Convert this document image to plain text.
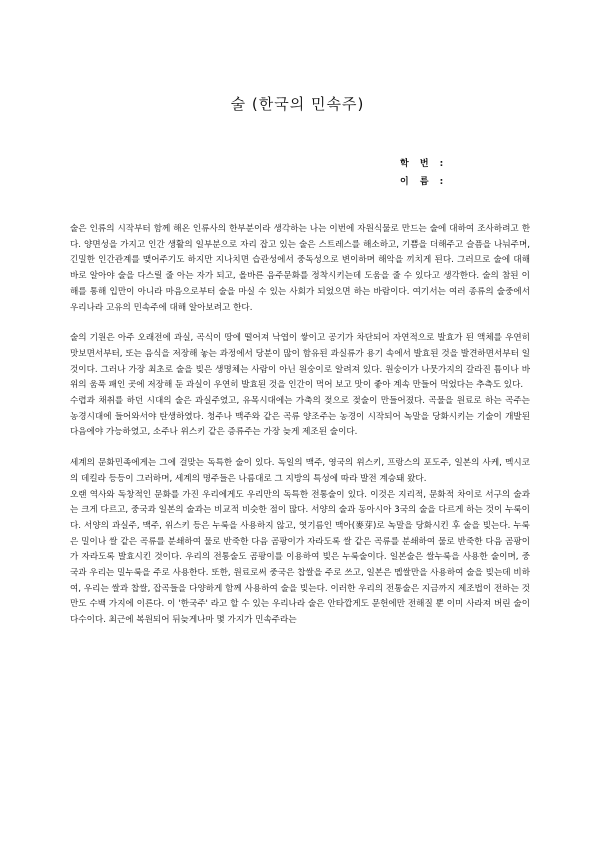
술 (한국의 민속주)
학 번 :
이 름 :

술은 인류의 시작부터 함께 해온 인류사의 한부분이라 생각하는 나는 이번에 자원식물로 만드는 술에 대하여 조사하려고 한다. 양면성을 가지고 인간 생활의 일부분으로 자리 잡고 있는 술은 스트레스를 해소하고, 기쁨을 더해주고 슬픔을 나눠주며, 긴밀한 인간관계를 맺어주기도 하지만 지나치면 습관성에서 중독성으로 변이하며 해악을 끼치게 된다. 그러므로 술에 대해 바로 알아야 술을 다스릴 줄 아는 자가 되고, 올바른 음주문화를 정착시키는데 도움을 줄 수 있다고 생각한다. 술의 참된 이해를 통해 입만이 아니라 마음으로부터 술을 마실 수 있는 사회가 되었으면 하는 바람이다. 여기서는 여러 종류의 술중에서 우리나라 고유의 민속주에 대해 알아보려고 한다.

술의 기원은 아주 오래전에 과실, 곡식이 땅에 떨어져 낙엽이 쌓이고 공기가 차단되어 자연적으로 발효가 된 액체를 우연히 맛보면서부터, 또는 음식을 저장해 놓는 과정에서 당분이 많이 함유된 과실류가 용기 속에서 발효된 것을 발견하면서부터 일 것이다. 그러나 가장 최초로 술을 빚은 생명체는 사람이 아닌 원숭이로 알려져 있다. 원숭이가 나뭇가지의 갈라진 틈이나 바위의 움푹 패인 곳에 저장해 둔 과실이 우연히 발효된 것을 인간이 먹어 보고 맛이 좋아 계속 만들어 먹었다는 추측도 있다.

수렵과 채취를 하던 시대의 술은 과실주였고, 유목시대에는 가축의 젖으로 젖술이 만들어졌다. 곡물을 원료로 하는 곡주는 농경시대에 들어와서야 탄생하였다. 청주나 맥주와 같은 곡류 양조주는 농경이 시작되어 녹말을 당화시키는 기술이 개발된 다음에야 가능하였고, 소주나 위스키 같은 증류주는 가장 늦게 제조된 술이다.

세계의 문화민족에게는 그에 걸맞는 독특한 술이 있다. 독일의 맥주, 영국의 위스키, 프랑스의 포도주, 일본의 사케, 멕시코의 데킬라 등등이 그러하며, 세계의 명주들은 나름대로 그 지방의 특성에 따라 발전 계승돼 왔다.

오랜 역사와 독창적인 문화를 가진 우리에게도 우리만의 독특한 전통술이 있다. 이것은 지리적, 문화적 차이로 서구의 술과는 크게 다르고, 중국과 일본의 술과는 비교적 비슷한 점이 많다. 서양의 술과 동아시아 3국의 술을 다르게 하는 것이 누룩이다. 서양의 과실주, 맥주, 위스키 등은 누룩을 사용하지 않고, 엿기름인 맥아(麥芽)로 녹말을 당화시킨 후 술을 빚는다. 누룩은 밀이나 쌀 같은 곡류를 분쇄하여 물로 반죽한 다음 곰팡이가 자라도록 쌀 같은 곡류를 분쇄하여 물로 반죽한 다음 곰팡이가 자라도록 발효시킨 것이다. 우리의 전통술도 곰팡이를 이용하여 빚은 누룩술이다. 일본술은 쌀누룩을 사용한 술이며, 중국과 우리는 밀누룩을 주로 사용한다. 또한, 원료로써 중국은 찹쌀을 주로 쓰고, 일본은 멥쌀만을 사용하여 술을 빚는데 비하여, 우리는 쌀과 찹쌀, 잡곡들을 다양하게 함께 사용하여 술을 빚는다. 이러한 우리의 전통술은 지금까지 제조법이 전하는 것만도 수백 가지에 이른다. 이 '한국주' 라고 할 수 있는 우리나라 술은 안타깝게도 문헌에만 전해질 뿐 이미 사라져 버린 술이 다수이다. 최근에 복원되어 뒤늦게나마 몇 가지가 민속주라는
